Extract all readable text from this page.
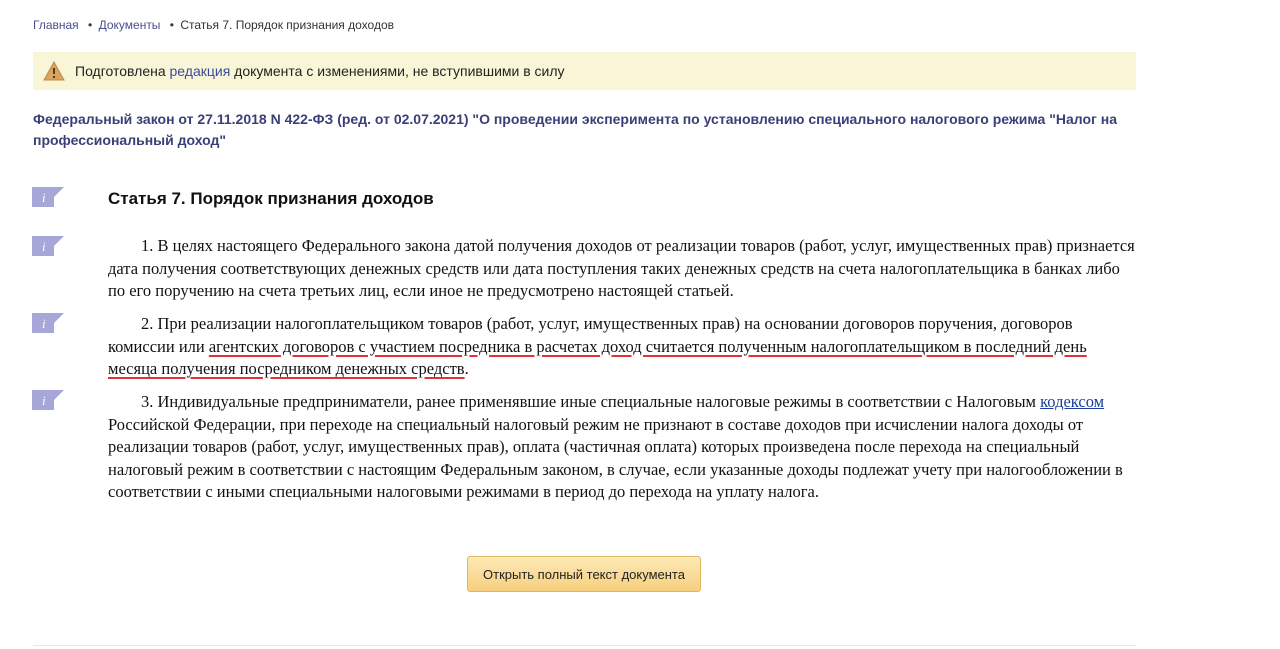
Главная • Документы • Статья 7. Порядок признания доходов
Подготовлена редакция документа с изменениями, не вступившими в силу
Федеральный закон от 27.11.2018 N 422-ФЗ (ред. от 02.07.2021) "О проведении эксперимента по установлению специального налогового режима "Налог на профессиональный доход"
i
i
i
i
Статья 7. Порядок признания доходов

1. В целях настоящего Федерального закона датой получения доходов от реализации товаров (работ, услуг, имущественных прав) признается дата получения соответствующих денежных средств или дата поступления таких денежных средств на счета налогоплательщика в банках либо по его поручению на счета третьих лиц, если иное не предусмотрено настоящей статьей.

2. При реализации налогоплательщиком товаров (работ, услуг, имущественных прав) на основании договоров поручения, договоров комиссии или агентских договоров с участием посредника в расчетах доход считается полученным налогоплательщиком в последний день месяца получения посредником денежных средств.

3. Индивидуальные предприниматели, ранее применявшие иные специальные налоговые режимы в соответствии с Налоговым кодексом Российской Федерации, при переходе на специальный налоговый режим не признают в составе доходов при исчислении налога доходы от реализации товаров (работ, услуг, имущественных прав), оплата (частичная оплата) которых произведена после перехода на специальный налоговый режим в соответствии с настоящим Федеральным законом, в случае, если указанные доходы подлежат учету при налогообложении в соответствии с иными специальными налоговыми режимами в период до перехода на уплату налога.

Открыть полный текст документа
